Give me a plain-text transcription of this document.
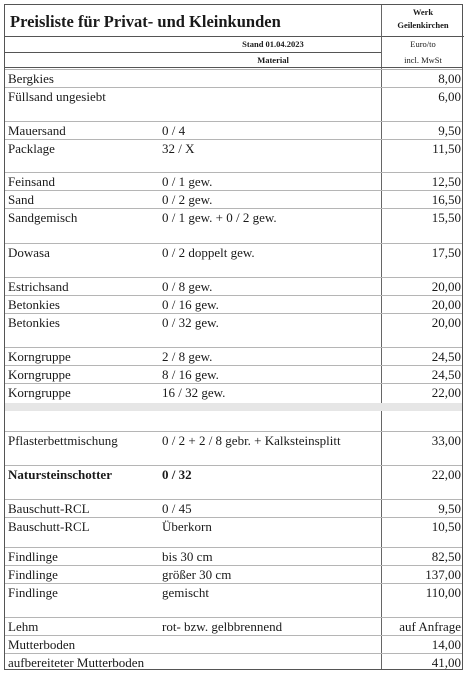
Preisliste für Privat- und Kleinkunden	Werk
Geilenkirchen
Stand 01.04.2023	Euro/to
Material	incl. MwSt
Bergkies	8,00
Füllsand ungesiebt	6,00
Mauersand	0 / 4	9,50
Packlage	32 / X	11,50
Feinsand	0 / 1 gew.	12,50
Sand	0 / 2 gew.	16,50
Sandgemisch	0 / 1 gew. + 0 / 2 gew.	15,50
Dowasa	0 / 2 doppelt gew.	17,50
Estrichsand	0 / 8 gew.	20,00
Betonkies	0 / 16 gew.	20,00
Betonkies	0 / 32 gew.	20,00
Korngruppe	2 / 8 gew.	24,50
Korngruppe	8 / 16 gew.	24,50
Korngruppe	16 / 32 gew.	22,00
Pflasterbettmischung	0 / 2 + 2 / 8 gebr. + Kalksteinsplitt	33,00
Natursteinschotter	0 / 32	22,00
Bauschutt-RCL	0 / 45	9,50
Bauschutt-RCL	Überkorn	10,50
Findlinge	bis 30 cm	82,50
Findlinge	größer 30 cm	137,00
Findlinge	gemischt	110,00
Lehm	rot- bzw. gelbbrennend	auf Anfrage
Mutterboden	14,00
aufbereiteter Mutterboden	41,00
